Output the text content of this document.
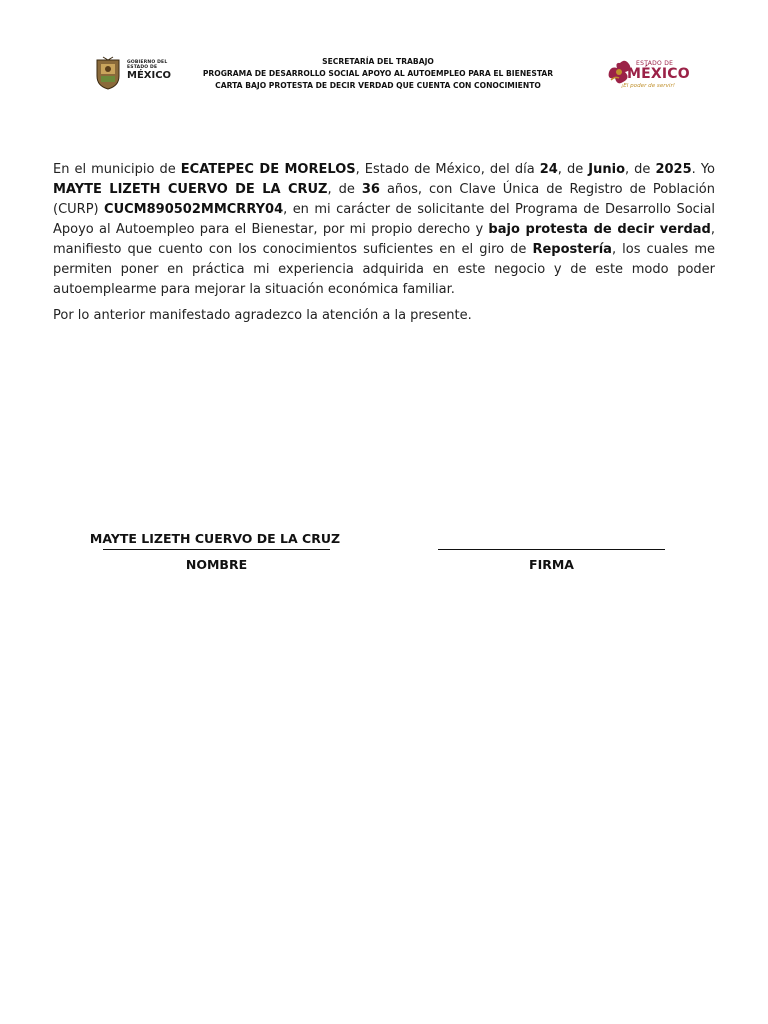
GOBIERNO DEL
ESTADO DE
MÉXICO
SECRETARÍA DEL TRABAJO
PROGRAMA DE DESARROLLO SOCIAL APOYO AL AUTOEMPLEO PARA EL BIENESTAR
CARTA BAJO PROTESTA DE DECIR VERDAD QUE CUENTA CON CONOCIMIENTO
ESTADO DE
MÉXICO
¡El poder de servir!

En el municipio de ECATEPEC DE MORELOS, Estado de México, del día 24, de Junio, de 2025. Yo MAYTE LIZETH CUERVO DE LA CRUZ, de 36 años, con Clave Única de Registro de Población (CURP) CUCM890502MMCRRY04, en mi carácter de solicitante del Programa de Desarrollo Social Apoyo al Autoempleo para el Bienestar, por mi propio derecho y bajo protesta de decir verdad, manifiesto que cuento con los conocimientos suficientes en el giro de Repostería, los cuales me permiten poner en práctica mi experiencia adquirida en este negocio y de este modo poder autoemplearme para mejorar la situación económica familiar.

Por lo anterior manifestado agradezco la atención a la presente.

MAYTE LIZETH CUERVO DE LA CRUZ
NOMBRE	FIRMA
